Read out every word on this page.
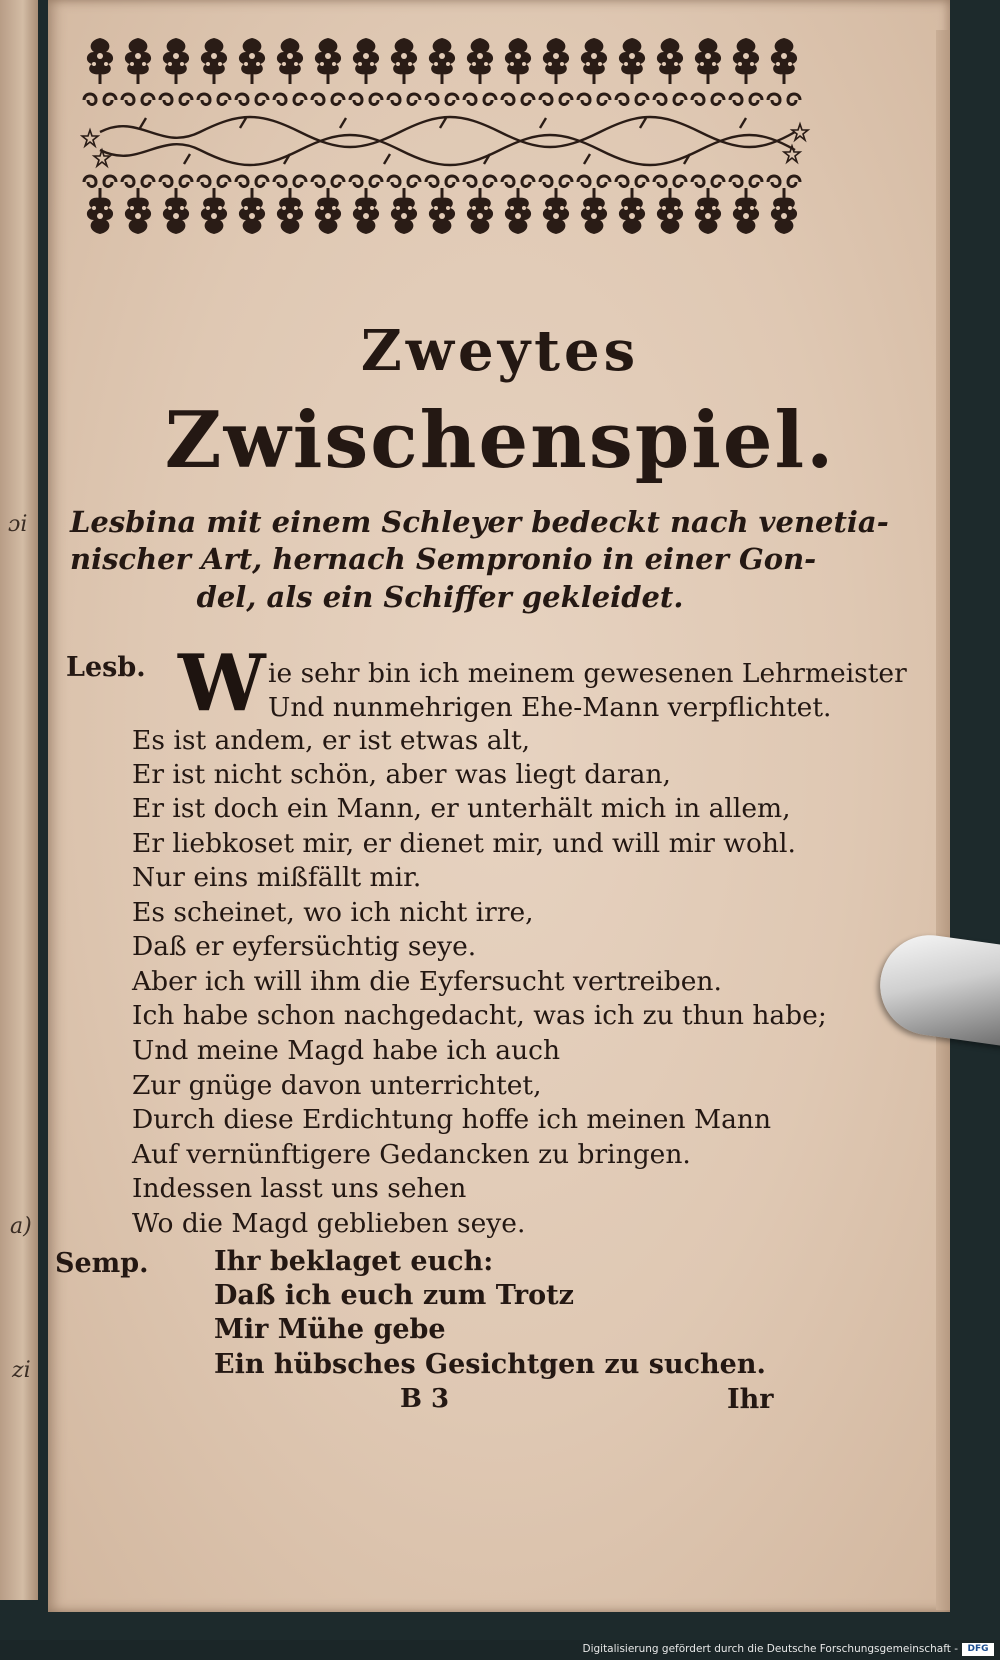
ɔi
a)
zi
Zweytes
Zwischenspiel.
Lesbina mit einem Schleyer bedeckt nach venetia-
nischer Art, hernach Sempronio in einer Gon-
del, als ein Schiffer gekleidet.
Lesb. W ie sehr bin ich meinem gewesenen Lehrmeister
Und nunmehrigen Ehe-Mann verpflichtet.
Es ist andem, er ist etwas alt,
Er ist nicht schön, aber was liegt daran,
Er ist doch ein Mann, er unterhält mich in allem,
Er liebkoset mir, er dienet mir, und will mir wohl.
Nur eins mißfällt mir.
Es scheinet, wo ich nicht irre,
Daß er eyfersüchtig seye.
Aber ich will ihm die Eyfersucht vertreiben.
Ich habe schon nachgedacht, was ich zu thun habe;
Und meine Magd habe ich auch
Zur gnüge davon unterrichtet,
Durch diese Erdichtung hoffe ich meinen Mann
Auf vernünftigere Gedancken zu bringen.
Indessen lasst uns sehen
Wo die Magd geblieben seye.
Semp. Ihr beklaget euch:
Daß ich euch zum Trotz
Mir Mühe gebe
Ein hübsches Gesichtgen zu suchen.
B 3	Ihr
Digitalisierung gefördert durch die Deutsche Forschungsgemeinschaft -	DFG
